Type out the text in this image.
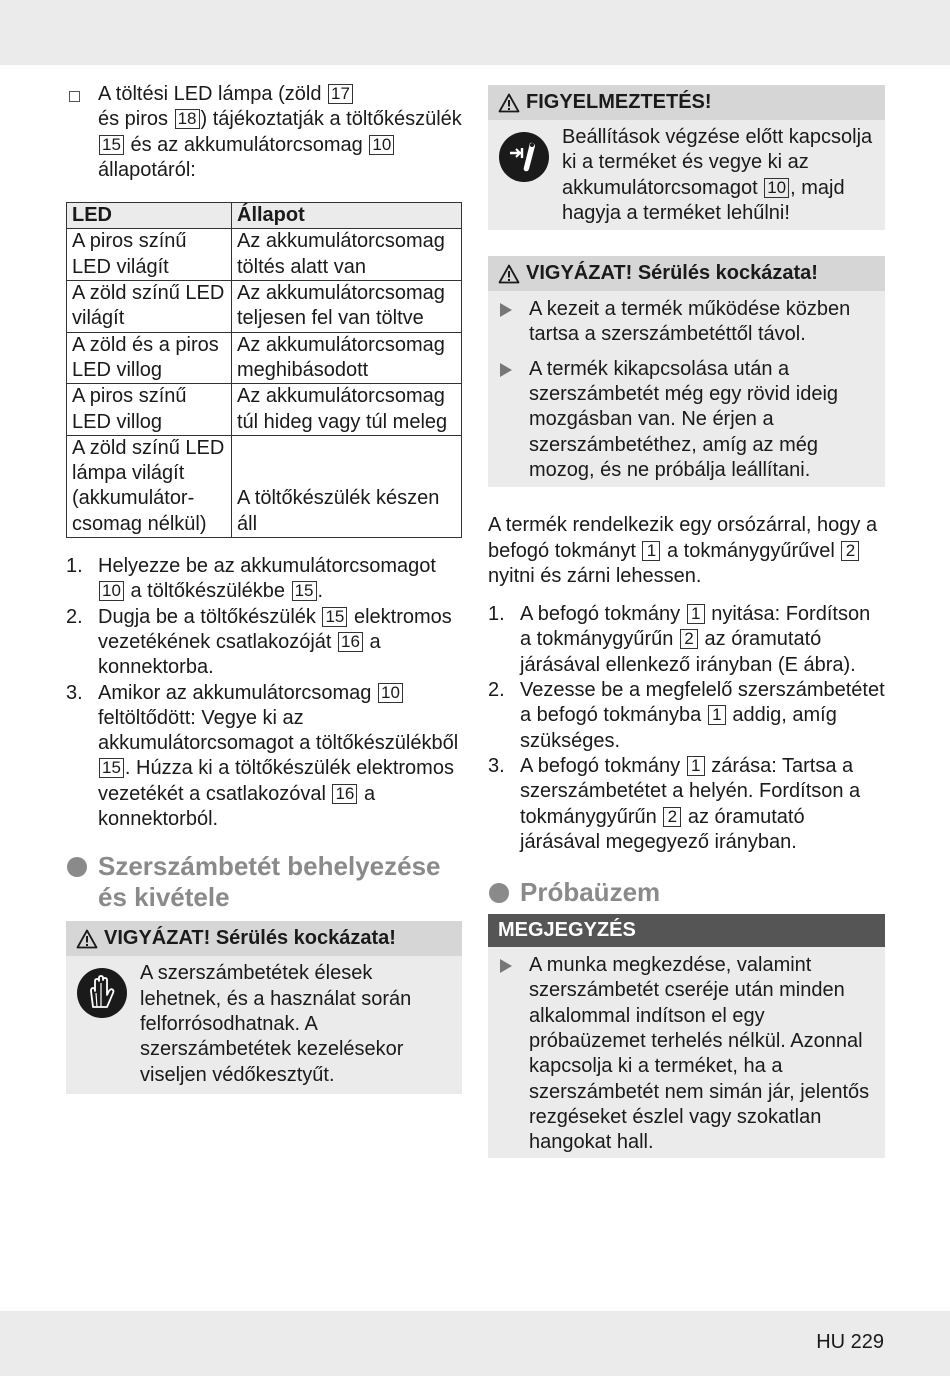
A töltési LED lámpa (zöld 17
és piros 18 ) tájékoztatják a töltőkészülék 15 és az akkumulátorcsomag 10 állapotáról:
LED	Állapot
A piros színű LED világít	Az akkumulátorcsomag töltés alatt van
A zöld színű LED világít	Az akkumulátorcsomag teljesen fel van töltve
A zöld és a piros LED villog	Az akkumulátorcsomag meghibásodott
A piros színű LED villog	Az akkumulátorcsomag túl hideg vagy túl meleg
A zöld színű LED lámpa világít (akkumulátor-csomag nélkül)	A töltőkészülék készen áll
1. Helyezze be az akkumulátorcsomagot 10 a töltőkészülékbe 15 .
2. Dugja be a töltőkészülék 15 elektromos vezetékének csatlakozóját 16 a konnektorba.
3. Amikor az akkumulátorcsomag 10 feltöltődött: Vegye ki az akkumulátorcsomagot a töltőkészülékből 15 . Húzza ki a töltőkészülék elektromos vezetékét a csatlakozóval 16 a konnektorból.
Szerszámbetét behelyezése és kivétele
VIGYÁZAT! Sérülés kockázata!
A szerszámbetétek élesek lehetnek, és a használat során felforrósodhatnak. A szerszámbetétek kezelésekor viseljen védőkesztyűt.
FIGYELMEZTETÉS!
Beállítások végzése előtt kapcsolja ki a terméket és vegye ki az akkumulátorcsomagot 10 , majd hagyja a terméket lehűlni!
VIGYÁZAT! Sérülés kockázata!
A kezeit a termék működése közben tartsa a szerszámbetéttől távol.
A termék kikapcsolása után a szerszámbetét még egy rövid ideig mozgásban van. Ne érjen a szerszámbetéthez, amíg az még mozog, és ne próbálja leállítani.
A termék rendelkezik egy orsózárral, hogy a befogó tokmányt 1 a tokmánygyűrűvel 2 nyitni és zárni lehessen.
1. A befogó tokmány 1 nyitása: Fordítson a tokmánygyűrűn 2 az óramutató járásával ellenkező irányban (E ábra).
2. Vezesse be a megfelelő szerszámbetétet a befogó tokmányba 1 addig, amíg szükséges.
3. A befogó tokmány 1 zárása: Tartsa a szerszámbetétet a helyén. Fordítson a tokmánygyűrűn 2 az óramutató járásával megegyező irányban.
Próbaüzem
MEGJEGYZÉS
A munka megkezdése, valamint szerszámbetét cseréje után minden alkalommal indítson el egy próbaüzemet terhelés nélkül. Azonnal kapcsolja ki a terméket, ha a szerszámbetét nem simán jár, jelentős rezgéseket észlel vagy szokatlan hangokat hall.
HU 229
